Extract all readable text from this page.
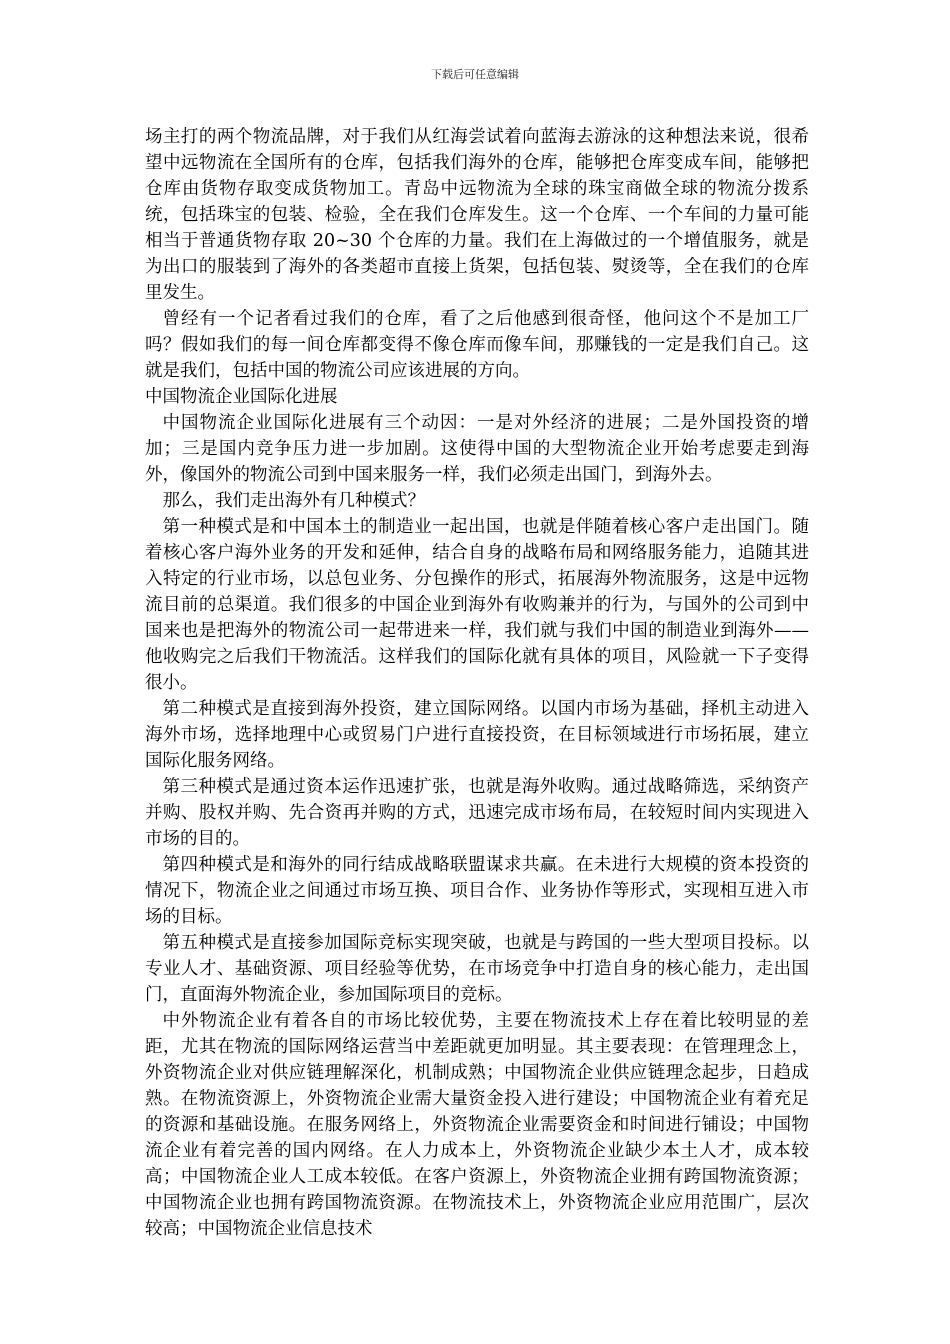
下载后可任意编辑

场主打的两个物流品牌，对于我们从红海尝试着向蓝海去游泳的这种想法来说，很希望中远物流在全国所有的仓库，包括我们海外的仓库，能够把仓库变成车间，能够把仓库由货物存取变成货物加工。青岛中远物流为全球的珠宝商做全球的物流分拨系统，包括珠宝的包装、检验，全在我们仓库发生。这一个仓库、一个车间的力量可能相当于普通货物存取 20~30 个仓库的力量。我们在上海做过的一个增值服务，就是为出口的服装到了海外的各类超市直接上货架，包括包装、熨烫等，全在我们的仓库里发生。

曾经有一个记者看过我们的仓库，看了之后他感到很奇怪，他问这个不是加工厂吗？假如我们的每一间仓库都变得不像仓库而像车间，那赚钱的一定是我们自己。这就是我们，包括中国的物流公司应该进展的方向。

中国物流企业国际化进展

中国物流企业国际化进展有三个动因：一是对外经济的进展；二是外国投资的增加；三是国内竞争压力进一步加剧。这使得中国的大型物流企业开始考虑要走到海外，像国外的物流公司到中国来服务一样，我们必须走出国门，到海外去。

那么，我们走出海外有几种模式？

第一种模式是和中国本土的制造业一起出国，也就是伴随着核心客户走出国门。随着核心客户海外业务的开发和延伸，结合自身的战略布局和网络服务能力，追随其进入特定的行业市场，以总包业务、分包操作的形式，拓展海外物流服务，这是中远物流目前的总渠道。我们很多的中国企业到海外有收购兼并的行为，与国外的公司到中国来也是把海外的物流公司一起带进来一样，我们就与我们中国的制造业到海外——他收购完之后我们干物流活。这样我们的国际化就有具体的项目，风险就一下子变得很小。

第二种模式是直接到海外投资，建立国际网络。以国内市场为基础，择机主动进入海外市场，选择地理中心或贸易门户进行直接投资，在目标领域进行市场拓展，建立国际化服务网络。

第三种模式是通过资本运作迅速扩张，也就是海外收购。通过战略筛选，采纳资产并购、股权并购、先合资再并购的方式，迅速完成市场布局，在较短时间内实现进入市场的目的。

第四种模式是和海外的同行结成战略联盟谋求共赢。在未进行大规模的资本投资的情况下，物流企业之间通过市场互换、项目合作、业务协作等形式，实现相互进入市场的目标。

第五种模式是直接参加国际竞标实现突破，也就是与跨国的一些大型项目投标。以专业人才、基础资源、项目经验等优势，在市场竞争中打造自身的核心能力，走出国门，直面海外物流企业，参加国际项目的竞标。

中外物流企业有着各自的市场比较优势，主要在物流技术上存在着比较明显的差距，尤其在物流的国际网络运营当中差距就更加明显。其主要表现：在管理理念上，外资物流企业对供应链理解深化，机制成熟；中国物流企业供应链理念起步，日趋成熟。在物流资源上，外资物流企业需大量资金投入进行建设；中国物流企业有着充足的资源和基础设施。在服务网络上，外资物流企业需要资金和时间进行铺设；中国物流企业有着完善的国内网络。在人力成本上，外资物流企业缺少本土人才，成本较高；中国物流企业人工成本较低。在客户资源上，外资物流企业拥有跨国物流资源；中国物流企业也拥有跨国物流资源。在物流技术上，外资物流企业应用范围广，层次较高；中国物流企业信息技术
